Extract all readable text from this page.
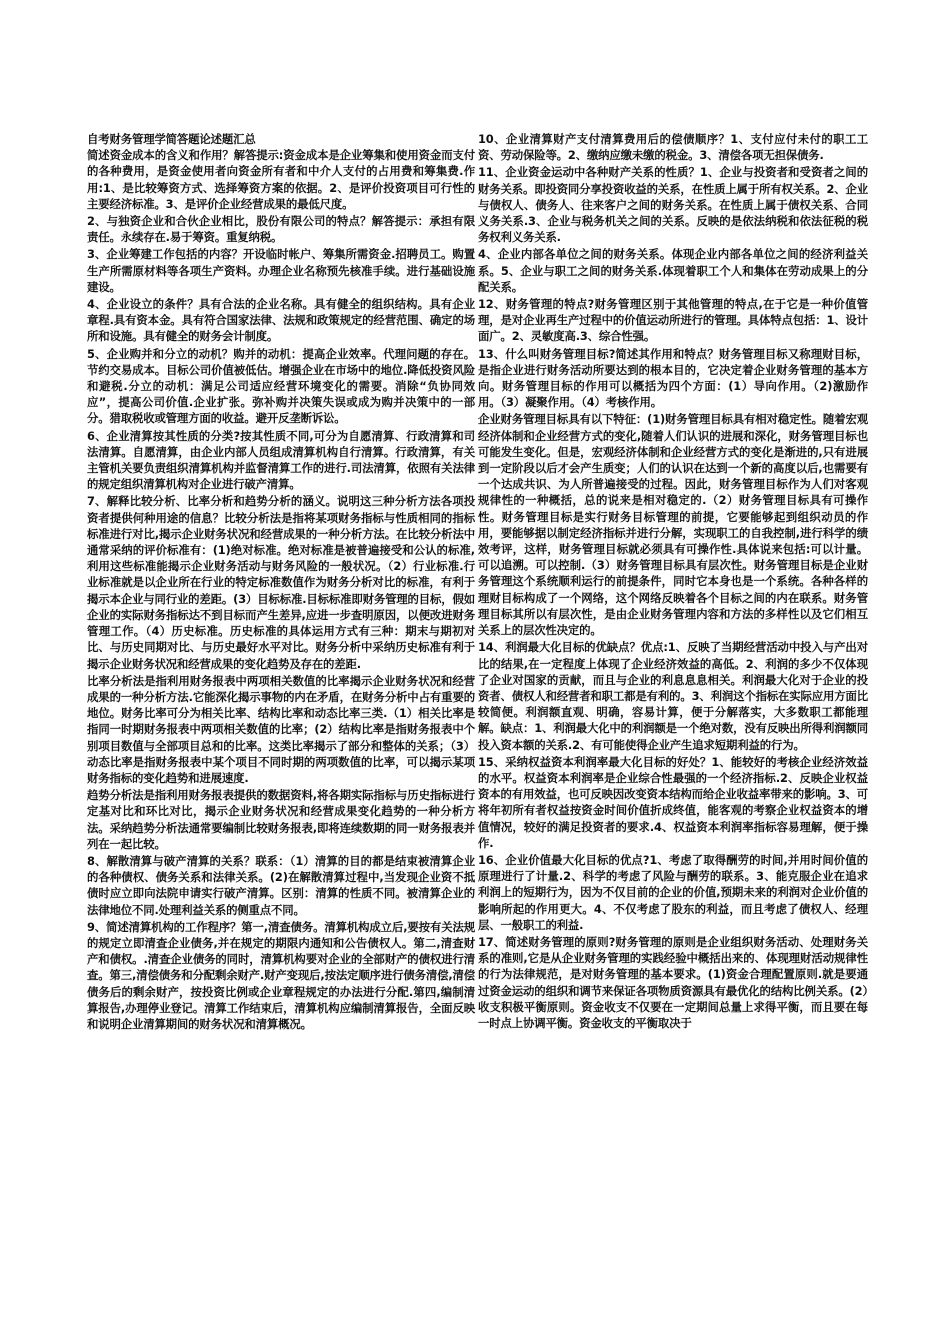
自考财务管理学简答题论述题汇总

简述资金成本的含义和作用？解答提示:资金成本是企业筹集和使用资金而支付的各种费用，是资金使用者向资金所有者和中介人支付的占用费和筹集费.作用:1、是比较筹资方式、选择筹资方案的依据。2、是评价投资项目可行性的主要经济标准。3、是评价企业经营成果的最低尺度。

2、与独资企业和合伙企业相比，股份有限公司的特点？解答提示：承担有限责任。永续存在.易于筹资。重复纳税。

3、企业筹建工作包括的内容？开设临时帐户、筹集所需资金.招聘员工。购置生产所需原材料等各项生产资料。办理企业名称预先核准手续。进行基础设施建设。

4、企业设立的条件？具有合法的企业名称。具有健全的组织结构。具有企业章程.具有资本金。具有符合国家法律、法规和政策规定的经营范围、确定的场所和设施。具有健全的财务会计制度。

5、企业购并和分立的动机？购并的动机：提高企业效率。代理问题的存在。节约交易成本。目标公司价值被低估。增强企业在市场中的地位.降低投资风险和避税.分立的动机：满足公司适应经营环境变化的需要。消除“负协同效应”，提高公司价值.企业扩张。弥补购并决策失误或成为购并决策中的一部分。猎取税收或管理方面的收益。避开反垄断诉讼。

6、企业清算按其性质的分类?按其性质不同,可分为自愿清算、行政清算和司法清算。自愿清算，由企业内部人员组成清算机构自行清算。行政清算，有关主管机关要负责组织清算机构并监督清算工作的进行.司法清算，依照有关法律的规定组织清算机构对企业进行破产清算。

7、解释比较分析、比率分析和趋势分析的涵义。说明这三种分析方法各项投资者提供何种用途的信息？比较分析法是指将某项财务指标与性质相同的指标标准进行对比,揭示企业财务状况和经营成果的一种分析方法。在比较分析法中通常采纳的评价标准有：(1)绝对标准。绝对标准是被普遍接受和公认的标准,利用这些标准能揭示企业财务活动与财务风险的一般状况。（2）行业标准.行业标准就是以企业所在行业的特定标准数值作为财务分析对比的标准，有利于揭示本企业与同行业的差距。(3）目标标准.目标标准即财务管理的目标，假如企业的实际财务指标达不到目标而产生差异,应进一步查明原因，以便改进财务管理工作。（4）历史标准。历史标准的具体运用方式有三种：期末与期初对比、与历史同期对比、与历史最好水平对比。财务分析中采纳历史标准有利于揭示企业财务状况和经营成果的变化趋势及存在的差距.

比率分析法是指利用财务报表中两项相关数值的比率揭示企业财务状况和经营成果的一种分析方法.它能深化揭示事物的内在矛盾，在财务分析中占有重要的地位。财务比率可分为相关比率、结构比率和动态比率三类.（1）相关比率是指同一时期财务报表中两项相关数值的比率；(2）结构比率是指财务报表中个别项目数值与全部项目总和的比率。这类比率揭示了部分和整体的关系；（3）动态比率是指财务报表中某个项目不同时期的两项数值的比率，可以揭示某项财务指标的变化趋势和进展速度.

趋势分析法是指利用财务报表提供的数据资料,将各期实际指标与历史指标进行定基对比和环比对比，揭示企业财务状况和经营成果变化趋势的一种分析方法。采纳趋势分析法通常要编制比较财务报表,即将连续数期的同一财务报表并列在一起比较。

8、解散清算与破产清算的关系？联系：（1）清算的目的都是结束被清算企业的各种债权、债务关系和法律关系。(2)在解散清算过程中,当发现企业资不抵债时应立即向法院申请实行破产清算。区别：清算的性质不同。被清算企业的法律地位不同.处理利益关系的侧重点不同。

9、简述清算机构的工作程序？第一,清查债务。清算机构成立后,要按有关法规的规定立即清查企业债务,并在规定的期限内通知和公告债权人。第二,清查财产和债权。.清查企业债务的同时，清算机构要对企业的全部财产的债权进行清查。第三,清偿债务和分配剩余财产.财产变现后,按法定顺序进行债务清偿,清偿债务后的剩余财产，按投资比例或企业章程规定的办法进行分配.第四,编制清算报告,办理停业登记。清算工作结束后，清算机构应编制清算报告，全面反映和说明企业清算期间的财务状况和清算概况。

10、企业清算财产支付清算费用后的偿债顺序？1、支付应付未付的职工工资、劳动保险等。2、缴纳应缴未缴的税金。3、清偿各项无担保债务.

11、企业资金运动中各种财产关系的性质？1、企业与投资者和受资者之间的财务关系。即投资同分享投资收益的关系，在性质上属于所有权关系。2、企业与债权人、债务人、往来客户之间的财务关系。在性质上属于债权关系、合同义务关系.3、企业与税务机关之间的关系。反映的是依法纳税和依法征税的税务权利义务关系.

4、企业内部各单位之间的财务关系。体现企业内部各单位之间的经济利益关系。5、企业与职工之间的财务关系.体现着职工个人和集体在劳动成果上的分配关系。

12、财务管理的特点?财务管理区别于其他管理的特点,在于它是一种价值管理，是对企业再生产过程中的价值运动所进行的管理。具体特点包括：1、设计面广。2、灵敏度高.3、综合性强。

13、什么叫财务管理目标?简述其作用和特点？财务管理目标又称理财目标，是指企业进行财务活动所要达到的根本目的，它决定着企业财务管理的基本方向。财务管理目标的作用可以概括为四个方面：(1）导向作用。（2)激励作用。（3）凝聚作用。（4）考核作用。

企业财务管理目标具有以下特征：(1)财务管理目标具有相对稳定性。随着宏观经济体制和企业经营方式的变化,随着人们认识的进展和深化，财务管理目标也可能发生变化。但是，宏观经济体制和企业经营方式的变化是渐进的,只有进展到一定阶段以后才会产生质变；人们的认识在达到一个新的高度以后,也需要有一个达成共识、为人所普遍接受的过程。因此，财务管理目标作为人们对客观规律性的一种概括，总的说来是相对稳定的.（2）财务管理目标具有可操作性。财务管理目标是实行财务目标管理的前提，它要能够起到组织动员的作用，要能够据以制定经济指标并进行分解，实现职工的自我控制,进行科学的绩效考评，这样，财务管理目标就必须具有可操作性.具体说来包括:可以计量。可以追溯。可以控制.（3）财务管理目标具有层次性。财务管理目标是企业财务管理这个系统顺利运行的前提条件，同时它本身也是一个系统。各种各样的理财目标构成了一个网络，这个网络反映着各个目标之间的内在联系。财务管理目标其所以有层次性，是由企业财务管理内容和方法的多样性以及它们相互关系上的层次性决定的。

14、利润最大化目标的优缺点？优点:1、反映了当期经营活动中投入与产出对比的结果,在一定程度上体现了企业经济效益的高低。2、利润的多少不仅体现了企业对国家的贡献，而且与企业的利息息息相关。利润最大化对于企业的投资者、债权人和经营者和职工都是有利的。3、利润这个指标在实际应用方面比较简便。利润额直观、明确，容易计算，便于分解落实，大多数职工都能理解。缺点：1、利润最大化中的利润额是一个绝对数，没有反映出所得利润额同投入资本额的关系.2、有可能使得企业产生追求短期利益的行为。

15、采纳权益资本利润率最大化目标的好处？1、能较好的考核企业经济效益的水平。权益资本利润率是企业综合性最强的一个经济指标.2、反映企业权益资本的有用效益，也可反映因改变资本结构而给企业收益率带来的影响。3、可将年初所有者权益按资金时间价值折成终值，能客观的考察企业权益资本的增值情况，较好的满足投资者的要求.4、权益资本利润率指标容易理解，便于操作.

16、企业价值最大化目标的优点?1、考虑了取得酬劳的时间,并用时间价值的原理进行了计量.2、科学的考虑了风险与酬劳的联系。3、能克服企业在追求利润上的短期行为，因为不仅目前的企业的价值,预期未来的利润对企业价值的影响所起的作用更大。4、不仅考虑了股东的利益，而且考虑了债权人、经理层、一般职工的利益.

17、简述财务管理的原则?财务管理的原则是企业组织财务活动、处理财务关系的准则,它是从企业财务管理的实践经验中概括出来的、体现理财活动规律性的行为法律规范，是对财务管理的基本要求。(1)资金合理配置原则.就是要通过资金运动的组织和调节来保证各项物质资源具有最优化的结构比例关系。(2）收支积极平衡原则。资金收支不仅要在一定期间总量上求得平衡，而且要在每一时点上协调平衡。资金收支的平衡取决于
